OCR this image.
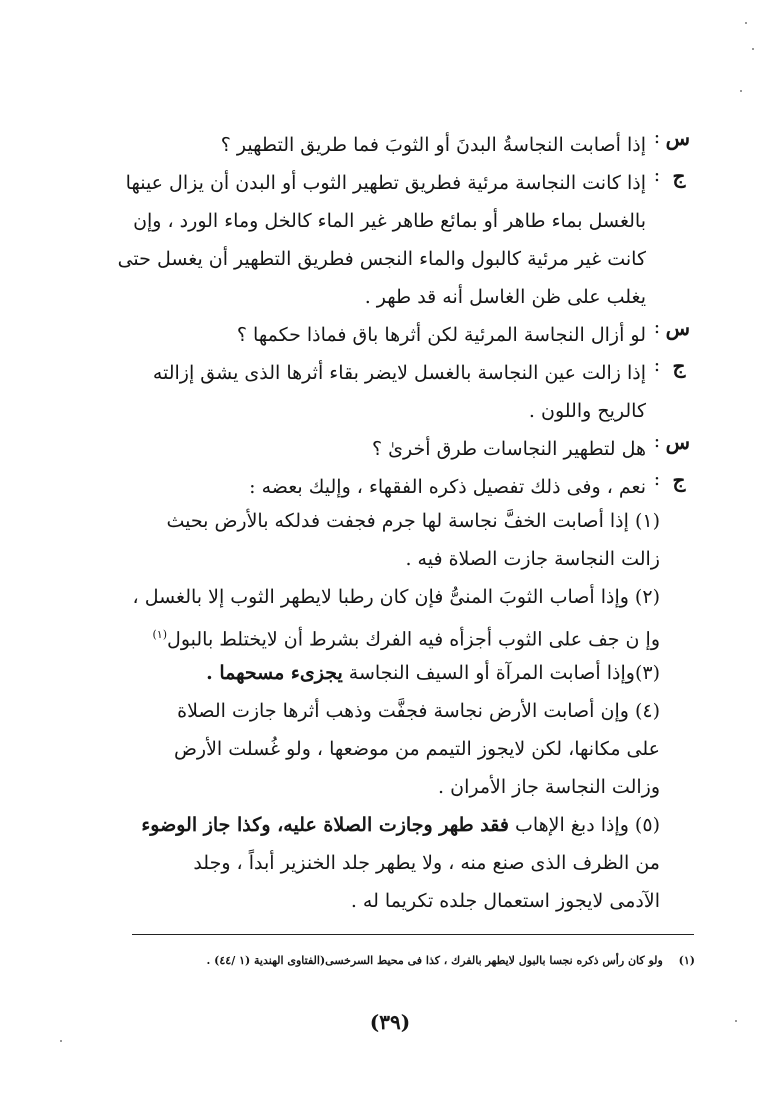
س
:
إذا أصابت النجاسةُ البدنَ أو الثوبَ فما طريق التطهير ؟
ج
:
إذا كانت النجاسة مرئية فطريق تطهير الثوب أو البدن أن يزال عينها
بالغسل بماء طاهر أو بمائع طاهر غير الماء كالخل وماء الورد ، وإن
كانت غير مرئية كالبول والماء النجس فطريق التطهير أن يغسل حتى
يغلب على ظن الغاسل أنه قد طهر .
س
:
لو أزال النجاسة المرئية لكن أثرها باق فماذا حكمها ؟
ج
:
إذا زالت عين النجاسة بالغسل لايضر بقاء أثرها الذى يشق إزالته
كالريح واللون .
س
:
هل لتطهير النجاسات طرق أخرىٰ ؟
ج
:
نعم ، وفى ذلك تفصيل ذكره الفقهاء ، وإليك بعضه :
(١) إذا أصابت الخفَّ نجاسة لها جرم فجفت فدلكه بالأرض بحيث
زالت النجاسة جازت الصلاة فيه .
(٢) وإذا أصاب الثوبَ المنىُّ فإن كان رطبا لايطهر الثوب إلا بالغسل ،
وإ ن جف على الثوب أجزأه فيه الفرك بشرط أن لايختلط بالبول$^{(١)}$
(٣)وإذا أصابت المرآة أو السيف النجاسة يجزىء مسحهما .
(٤) وإن أصابت الأرض نجاسة فجفَّت وذهب أثرها جازت الصلاة
على مكانها، لكن لايجوز التيمم من موضعها ، ولو غُسلت الأرض
وزالت النجاسة جاز الأمران .
(٥) وإذا دبغ الإهاب فقد طهر وجازت الصلاة عليه، وكذا جاز الوضوء
من الظرف الذى صنع منه ، ولا يطهر جلد الخنزير أبداً ، وجلد
الآدمى لايجوز استعمال جلده تكريما له .
(١) ولو كان رأس ذكره نجسا بالبول لايطهر بالفرك ، كذا فى محيط السرخسى(الفتاوى الهندية (١ /٤٤) .
(٣٩)
